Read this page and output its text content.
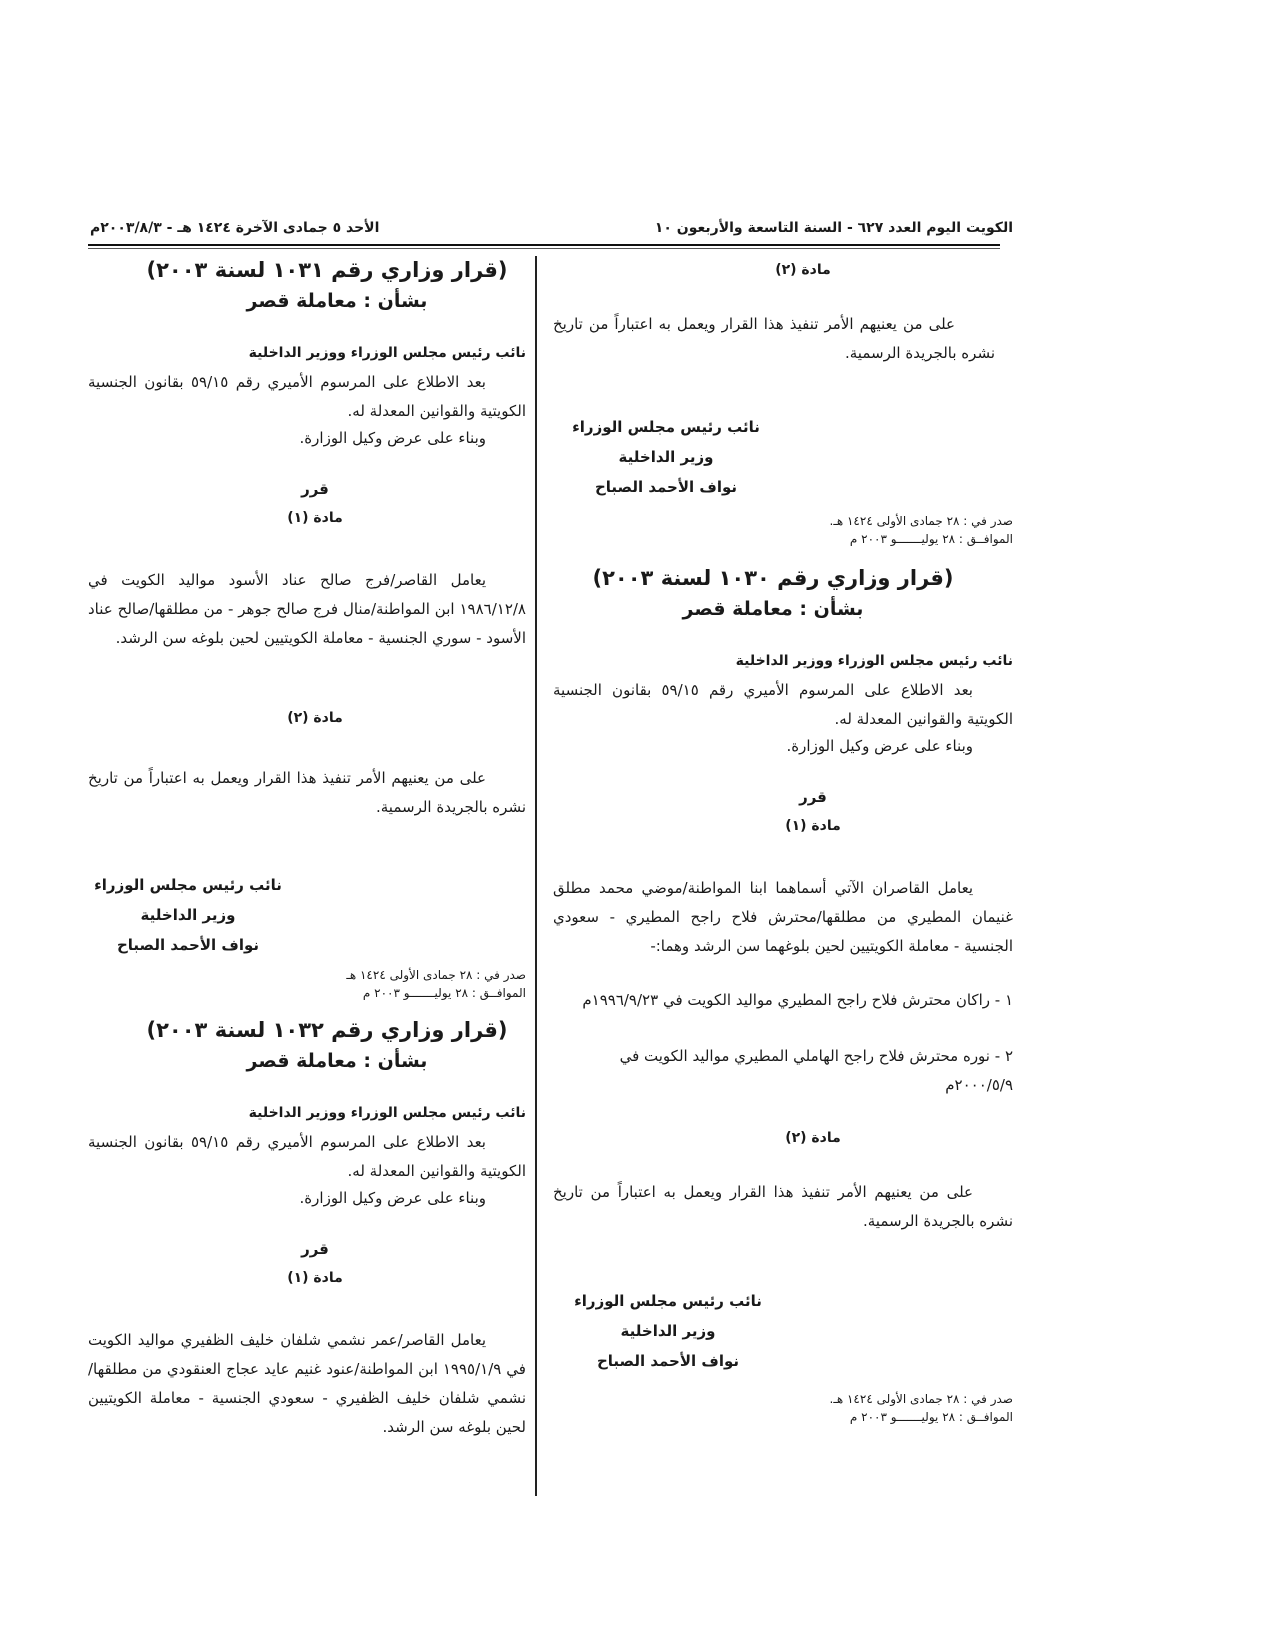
الكويت اليوم العدد ٦٢٧ - السنة التاسعة والأربعون ١٠
الأحد ٥ جمادى الآخرة ١٤٢٤ هـ - ٢٠٠٣/٨/٣م
مادة (٢)
على من يعنيهم الأمر تنفيذ هذا القرار ويعمل به اعتباراً من تاريخ نشره بالجريدة الرسمية.
نائب رئيس مجلس الوزراء
وزير الداخلية
نواف الأحمد الصباح
صدر في : ٢٨ جمادى الأولى ١٤٢٤ هـ.
الموافــق : ٢٨ يوليـــــــو ٢٠٠٣ م
(قرار وزاري رقم ١٠٣٠ لسنة ٢٠٠٣)
بشأن : معاملة قصر
نائب رئيس مجلس الوزراء ووزير الداخلية
بعد الاطلاع على المرسوم الأميري رقم ٥٩/١٥ بقانون الجنسية الكويتية والقوانين المعدلة له.
وبناء على عرض وكيل الوزارة.
قرر
مادة (١)
يعامل القاصران الآتي أسماهما ابنا المواطنة/موضي محمد مطلق غنيمان المطيري من مطلقها/محترش فلاح راجح المطيري - سعودي الجنسية - معاملة الكويتيين لحين بلوغهما سن الرشد وهما:-
١ - راكان محترش فلاح راجح المطيري مواليد الكويت في ١٩٩٦/٩/٢٣م
٢ - نوره محترش فلاح راجح الهاملي المطيري مواليد الكويت في ٢٠٠٠/٥/٩م
مادة (٢)
على من يعنيهم الأمر تنفيذ هذا القرار ويعمل به اعتباراً من تاريخ نشره بالجريدة الرسمية.
نائب رئيس مجلس الوزراء
وزير الداخلية
نواف الأحمد الصباح
صدر في : ٢٨ جمادى الأولى ١٤٢٤ هـ.
الموافــق : ٢٨ يوليـــــــو ٢٠٠٣ م
(قرار وزاري رقم ١٠٣١ لسنة ٢٠٠٣)
بشأن : معاملة قصر
نائب رئيس مجلس الوزراء ووزير الداخلية
بعد الاطلاع على المرسوم الأميري رقم ٥٩/١٥ بقانون الجنسية الكويتية والقوانين المعدلة له.
وبناء على عرض وكيل الوزارة.
قرر
مادة (١)
يعامل القاصر/فرج صالح عناد الأسود مواليد الكويت في ١٩٨٦/١٢/٨ ابن المواطنة/منال فرج صالح جوهر - من مطلقها/صالح عناد الأسود - سوري الجنسية - معاملة الكويتيين لحين بلوغه سن الرشد.
مادة (٢)
على من يعنيهم الأمر تنفيذ هذا القرار ويعمل به اعتباراً من تاريخ نشره بالجريدة الرسمية.
نائب رئيس مجلس الوزراء
وزير الداخلية
نواف الأحمد الصباح
صدر في : ٢٨ جمادى الأولى ١٤٢٤ هـ
الموافــق : ٢٨ يوليـــــــو ٢٠٠٣ م
(قرار وزاري رقم ١٠٣٢ لسنة ٢٠٠٣)
بشأن : معاملة قصر
نائب رئيس مجلس الوزراء ووزير الداخلية
بعد الاطلاع على المرسوم الأميري رقم ٥٩/١٥ بقانون الجنسية الكويتية والقوانين المعدلة له.
وبناء على عرض وكيل الوزارة.
قرر
مادة (١)
يعامل القاصر/عمر نشمي شلفان خليف الظفيري مواليد الكويت في ١٩٩٥/١/٩ ابن المواطنة/عنود غنيم عايد عجاج العنقودي من مطلقها/نشمي شلفان خليف الظفيري - سعودي الجنسية - معاملة الكويتيين لحين بلوغه سن الرشد.
